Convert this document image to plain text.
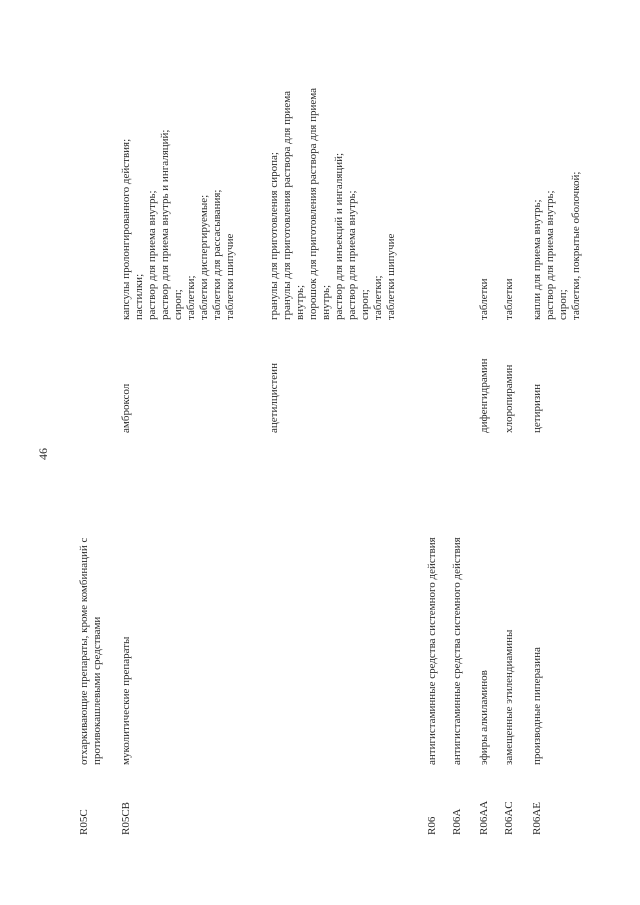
46
R05C
отхаркивающие препараты, кроме комбинаций с противокашлевыми средствами
R05CB
муколитические препараты
амброксол
капсулы пролонгированного действия; пастилки; раствор для приема внутрь; раствор для приема внутрь и ингаляций; сироп; таблетки; таблетки диспергируемые; таблетки для рассасывания; таблетки шипучие
ацетилцистеин
гранулы для приготовления сиропа; гранулы для приготовления раствора для приема внутрь; порошок для приготовления раствора для приема внутрь; раствор для инъекций и ингаляций; раствор для приема внутрь; сироп; таблетки; таблетки шипучие
R06
антигистаминные средства системного действия
R06A
антигистаминные средства системного действия
R06AA
эфиры алкиламинов
дифенгидрамин
таблетки
R06AC
замещенные этилендиамины
хлоропирамин
таблетки
R06AE
производные пиперазина
цетиризин
капли для приема внутрь; раствор для приема внутрь; сироп; таблетки, покрытые оболочкой;
